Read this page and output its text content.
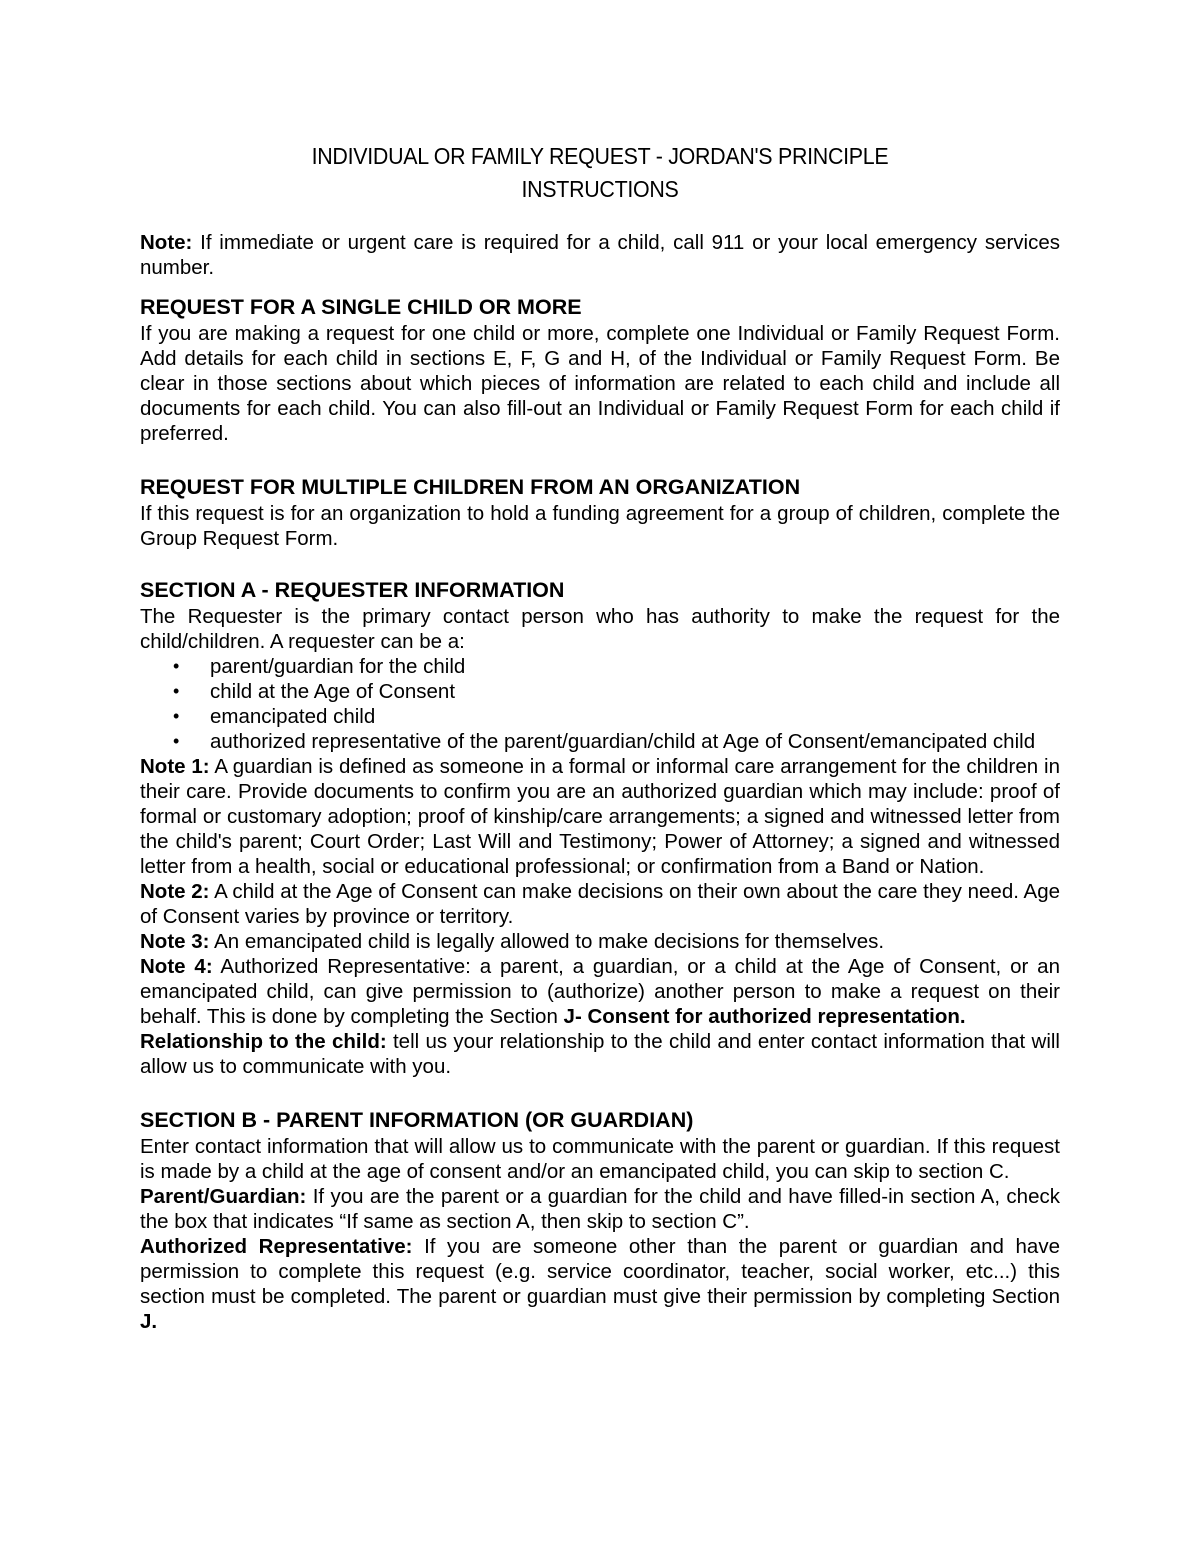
INDIVIDUAL OR FAMILY REQUEST - JORDAN'S PRINCIPLE
INSTRUCTIONS

Note: If immediate or urgent care is required for a child, call 911 or your local emergency services number.

REQUEST FOR A SINGLE CHILD OR MORE

If you are making a request for one child or more, complete one Individual or Family Request Form. Add details for each child in sections E, F, G and H, of the Individual or Family Request Form. Be clear in those sections about which pieces of information are related to each child and include all documents for each child. You can also fill-out an Individual or Family Request Form for each child if preferred.

REQUEST FOR MULTIPLE CHILDREN FROM AN ORGANIZATION

If this request is for an organization to hold a funding agreement for a group of children, complete the Group Request Form.

SECTION A - REQUESTER INFORMATION

The Requester is the primary contact person who has authority to make the request for the child/children. A requester can be a:

• parent/guardian for the child
• child at the Age of Consent
• emancipated child
• authorized representative of the parent/guardian/child at Age of Consent/emancipated child

Note 1: A guardian is defined as someone in a formal or informal care arrangement for the children in their care. Provide documents to confirm you are an authorized guardian which may include: proof of formal or customary adoption; proof of kinship/care arrangements; a signed and witnessed letter from the child's parent; Court Order; Last Will and Testimony; Power of Attorney; a signed and witnessed letter from a health, social or educational professional; or confirmation from a Band or Nation.

Note 2: A child at the Age of Consent can make decisions on their own about the care they need. Age of Consent varies by province or territory.

Note 3: An emancipated child is legally allowed to make decisions for themselves.

Note 4: Authorized Representative: a parent, a guardian, or a child at the Age of Consent, or an emancipated child, can give permission to (authorize) another person to make a request on their behalf. This is done by completing the Section J- Consent for authorized representation.

Relationship to the child: tell us your relationship to the child and enter contact information that will allow us to communicate with you.

SECTION B - PARENT INFORMATION (OR GUARDIAN)

Enter contact information that will allow us to communicate with the parent or guardian. If this request is made by a child at the age of consent and/or an emancipated child, you can skip to section C.

Parent/Guardian: If you are the parent or a guardian for the child and have filled-in section A, check the box that indicates “If same as section A, then skip to section C”.

Authorized Representative: If you are someone other than the parent or guardian and have permission to complete this request (e.g. service coordinator, teacher, social worker, etc...) this section must be completed. The parent or guardian must give their permission by completing Section J.
